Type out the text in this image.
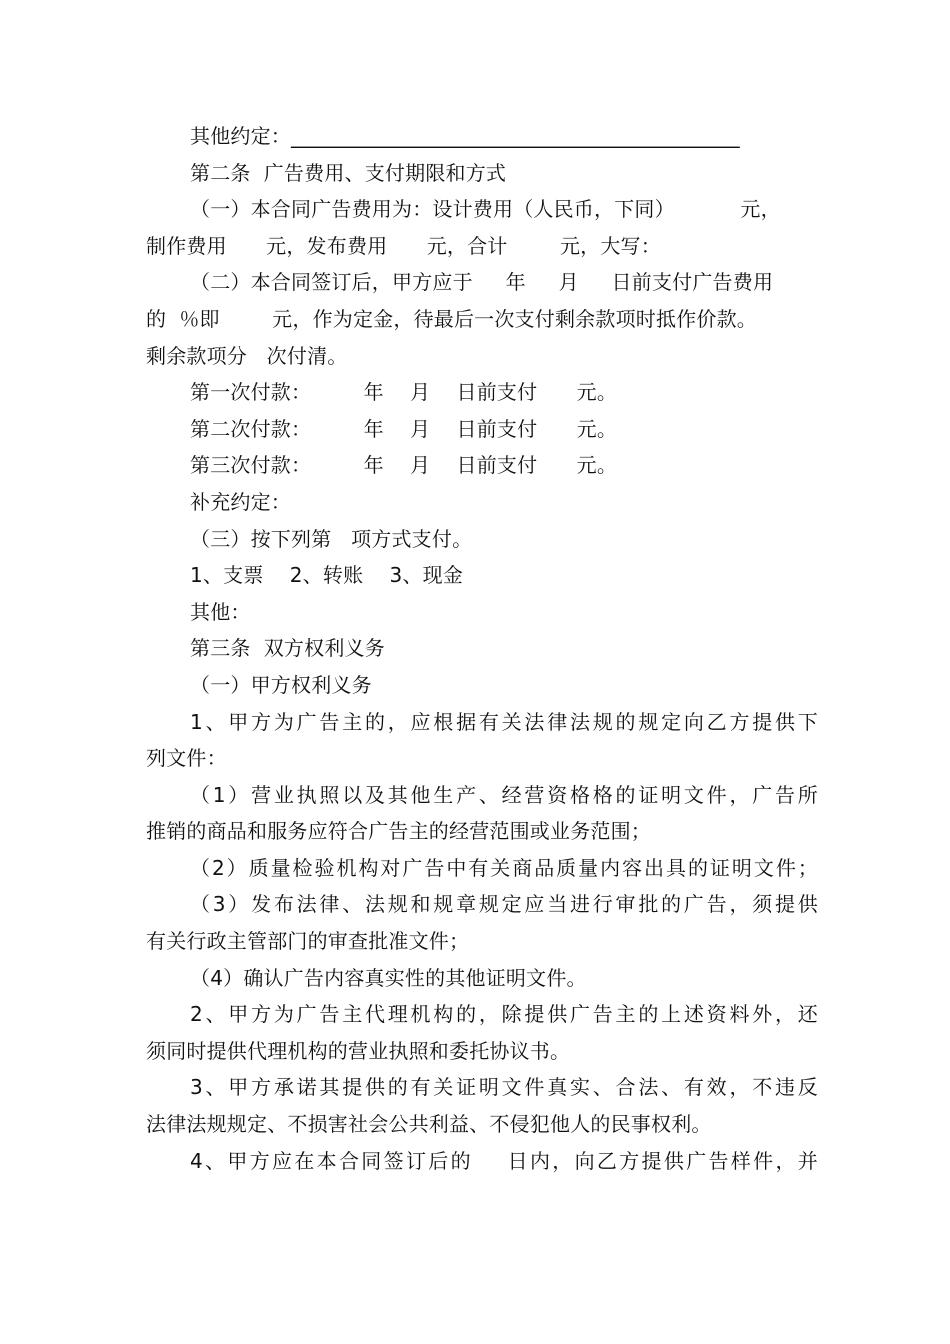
其他约定：____________________________________________
第二条  广告费用、支付期限和方式
（一）本合同广告费用为：设计费用（人民币，下同）          元，
制作费用      元，发布费用      元，合计        元，大写：
（二）本合同签订后，甲方应于     年     月     日前支付广告费用
的  ％即        元，作为定金，待最后一次支付剩余款项时抵作价款。
剩余款项分   次付清。
第一次付款：        年    月    日前支付      元。
第二次付款：        年    月    日前支付      元。
第三次付款：        年    月    日前支付      元。
补充约定：
（三）按下列第   项方式支付。
1、支票    2、转账    3、现金
其他：
第三条  双方权利义务
（一）甲方权利义务
1、甲方为广告主的，应根据有关法律法规的规定向乙方提供下
列文件：
（1）营业执照以及其他生产、经营资格格的证明文件，广告所
推销的商品和服务应符合广告主的经营范围或业务范围；
（2）质量检验机构对广告中有关商品质量内容出具的证明文件；
（3）发布法律、法规和规章规定应当进行审批的广告，须提供
有关行政主管部门的审查批准文件；
（4）确认广告内容真实性的其他证明文件。
2、甲方为广告主代理机构的，除提供广告主的上述资料外，还
须同时提供代理机构的营业执照和委托协议书。
3、甲方承诺其提供的有关证明文件真实、合法、有效，不违反
法律法规规定、不损害社会公共利益、不侵犯他人的民事权利。
4、甲方应在本合同签订后的    日内，向乙方提供广告样件，并
